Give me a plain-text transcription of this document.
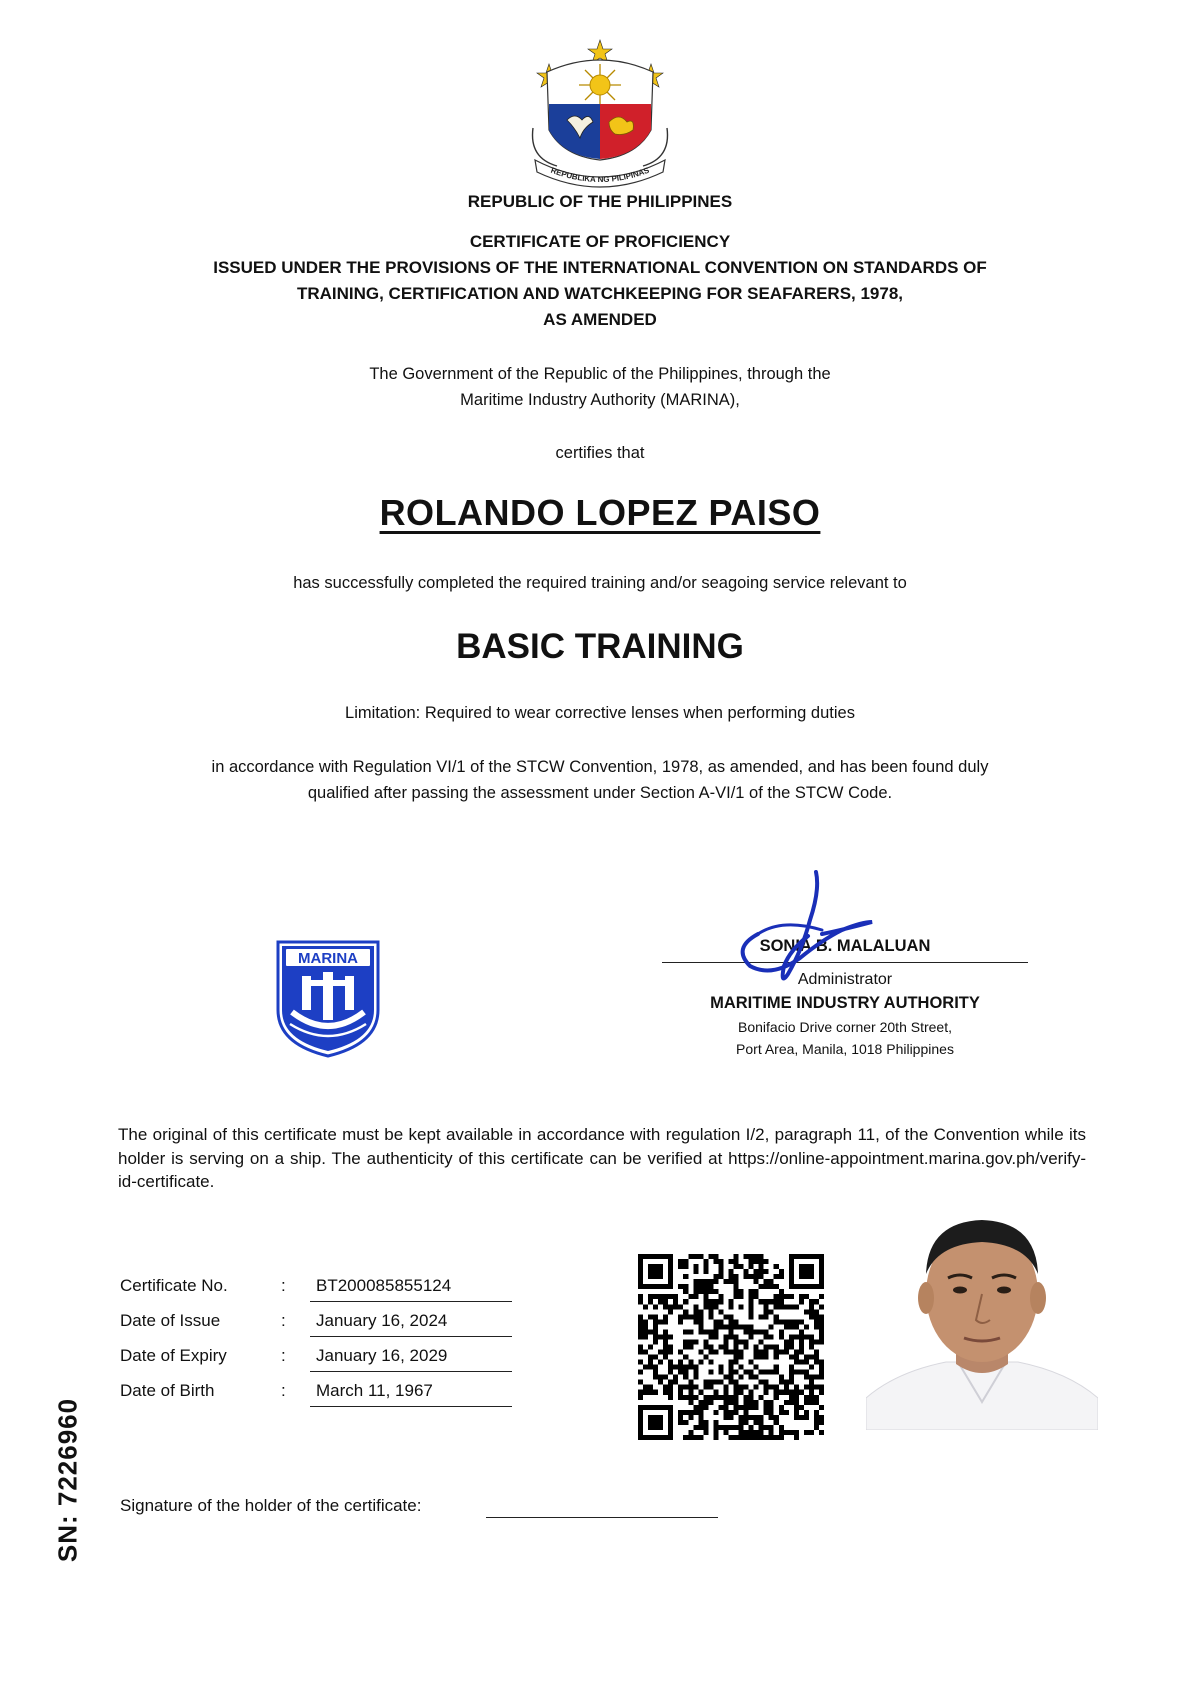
REPUBLIKA NG PILIPINAS
REPUBLIC OF THE PHILIPPINES
CERTIFICATE OF PROFICIENCY
ISSUED UNDER THE PROVISIONS OF THE INTERNATIONAL CONVENTION ON STANDARDS OF
TRAINING, CERTIFICATION AND WATCHKEEPING FOR SEAFARERS, 1978,
AS AMENDED
The Government of the Republic of the Philippines, through the
Maritime Industry Authority (MARINA),
certifies that
ROLANDO LOPEZ PAISO
has successfully completed the required training and/or seagoing service relevant to
BASIC TRAINING
Limitation: Required to wear corrective lenses when performing duties
in accordance with Regulation VI/1 of the STCW Convention, 1978, as amended, and has been found duly
qualified after passing the assessment under Section A-VI/1 of the STCW Code.
MARINA
SONIA B. MALALUAN
Administrator
MARITIME INDUSTRY AUTHORITY
Bonifacio Drive corner 20th Street,
Port Area, Manila, 1018 Philippines
The original of this certificate must be kept available in accordance with regulation I/2, paragraph 11, of the Convention while its holder is serving on a ship. The authenticity of this certificate can be verified at https://online-appointment.marina.gov.ph/verify-id-certificate.
Certificate No.	:	BT200085855124
Date of Issue	:	January 16, 2024
Date of Expiry	:	January 16, 2029
Date of Birth	:	March 11, 1967
Signature of the holder of the certificate:
SN: 7226960
